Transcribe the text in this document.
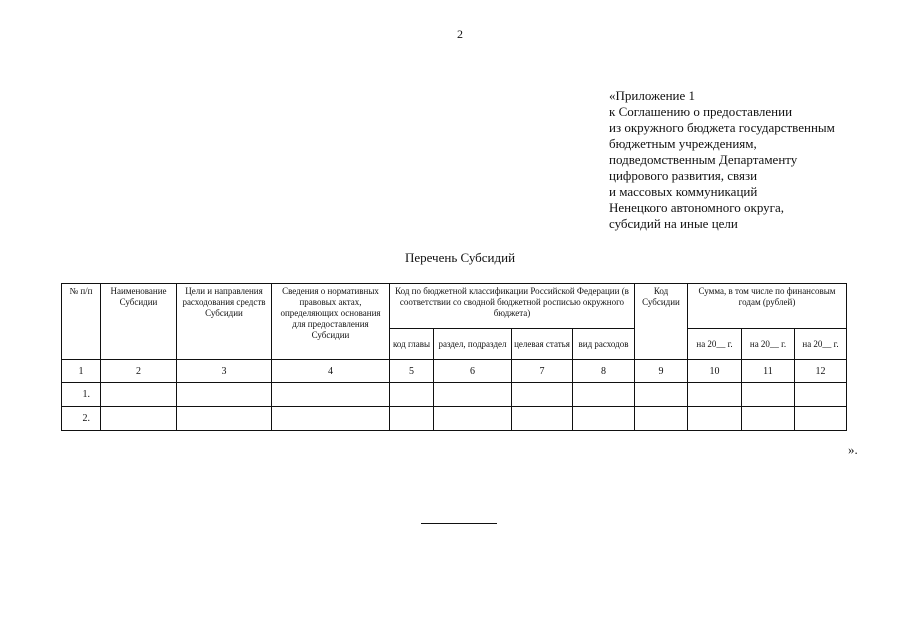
2
«Приложение 1
к Соглашению о предоставлении
из окружного бюджета государственным
бюджетным учреждениям,
подведомственным Департаменту
цифрового развития, связи
и массовых коммуникаций
Ненецкого автономного округа,
субсидий на иные цели
Перечень Субсидий
№ п/п	Наименование Субсидии	Цели и направления расходования средств Субсидии	Сведения о нормативных правовых актах, определяющих основания для предоставления Субсидии	Код по бюджетной классификации Российской Федерации (в соответствии со сводной бюджетной росписью окружного бюджета)				Код Субсидии	Сумма, в том числе по финансовым годам (рублей)		
				код главы	раздел, подраздел	целевая статья	вид расходов		на 20__ г.	на 20__ г.	на 20__ г.
1	2	3	4	5	6	7	8	9	10	11	12
1.											
2.											
».
